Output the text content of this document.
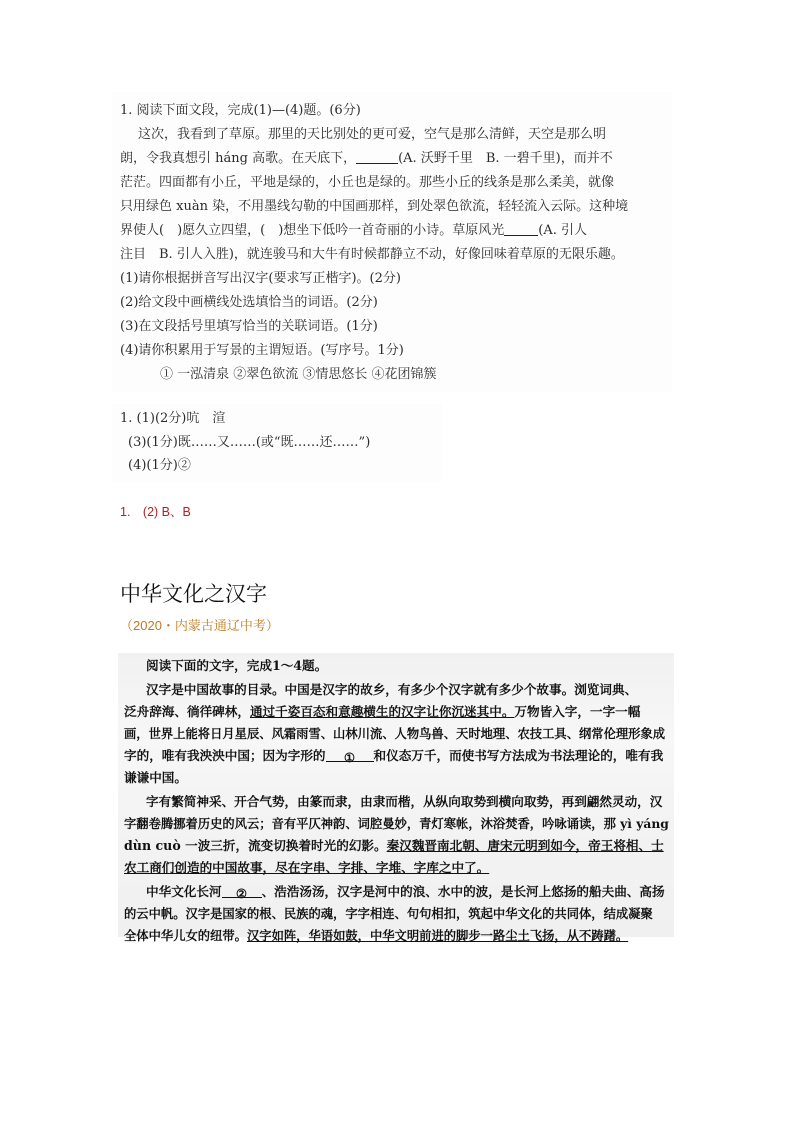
1. 阅读下面文段，完成(1)—(4)题。(6分)
　　这次，我看到了草原。那里的天比别处的更可爱，空气是那么清鲜，天空是那么明
朗，令我真想引 háng 高歌。在天底下，	(A. 沃野千里　B. 一碧千里)，而并不
茫茫。四面都有小丘，平地是绿的，小丘也是绿的。那些小丘的线条是那么柔美，就像
只用绿色 xuàn 染，不用墨线勾勒的中国画那样，到处翠色欲流，轻轻流入云际。这种境
界使人(　)愿久立四望，(　)想坐下低吟一首奇丽的小诗。草原风光	(A. 引人
注目　B. 引人入胜)，就连骏马和大牛有时候都静立不动，好像回味着草原的无限乐趣。
(1)请你根据拼音写出汉字(要求写正楷字)。(2分)
(2)给文段中画横线处选填恰当的词语。(2分)
(3)在文段括号里填写恰当的关联词语。(1分)
(4)请你积累用于写景的主谓短语。(写序号。1分)
① 一泓清泉 ②翠色欲流 ③情思悠长 ④花团锦簇
1. (1)(2分)吭　渲
(3)(1分)既……又……(或“既……还……”)
(4)(1分)②
1.　(2) B、B
中华文化之汉字
（2020・内蒙古通辽中考）
阅读下面的文字，完成1～4题。
汉字是中国故事的目录。中国是汉字的故乡，有多少个汉字就有多少个故事。浏览词典、
泛舟辞海、徜徉碑林，通过千姿百态和意趣横生的汉字让你沉迷其中。万物皆入字，一字一幅
画，世界上能将日月星辰、风霜雨雪、山林川流、人物鸟兽、天时地理、农技工具、纲常伦理形象成
字的，唯有我泱泱中国；因为字形的 ① 和仪态万千，而使书写方法成为书法理论的，唯有我
谦谦中国。
字有繁简神采、开合气势，由篆而隶，由隶而楷，从纵向取势到横向取势，再到翩然灵动，汉
字翻卷腾挪着历史的风云；音有平仄神韵、词腔曼妙，青灯寒帐，沐浴焚香，吟咏诵读，那 yì yáng
dùn cuò 一波三折，流变切换着时光的幻影。秦汉魏晋南北朝、唐宋元明到如今，帝王将相、士
农工商们创造的中国故事，尽在字串、字排、字堆、字库之中了。
中华文化长河 ② 、浩浩汤汤，汉字是河中的浪、水中的波，是长河上悠扬的船夫曲、高扬
的云中帆。汉字是国家的根、民族的魂，字字相连、句句相扣，筑起中华文化的共同体，结成凝聚
全体中华儿女的纽带。汉字如阵，华语如鼓，中华文明前进的脚步一路尘土飞扬，从不踌躇。
